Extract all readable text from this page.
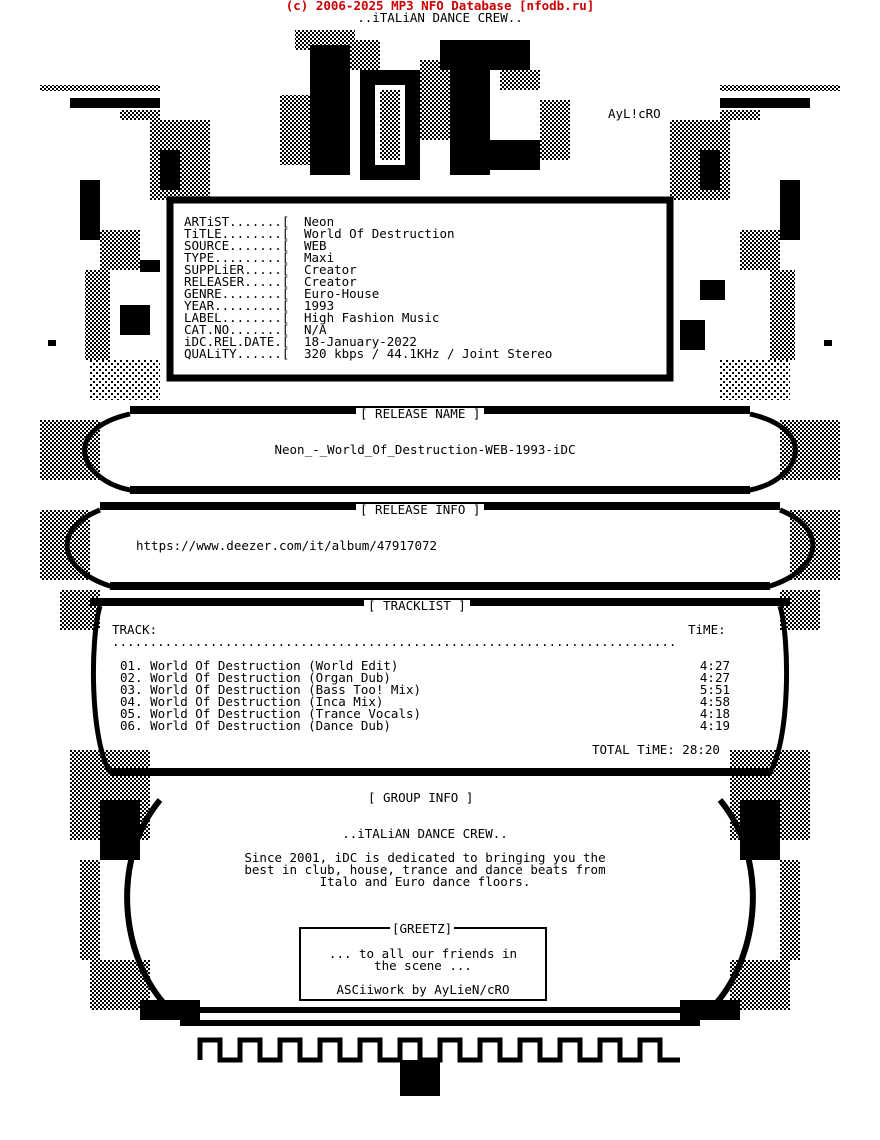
(c) 2006-2025 MP3 NFO Database [nfodb.ru]
..iTALiAN DANCE CREW..
AyL!cRO
ARTiST.......[	Neon
TiTLE........[	World Of Destruction
SOURCE.......[	WEB
TYPE.........[	Maxi
SUPPLiER.....[	Creator
RELEASER.....[	Creator
GENRE........[	Euro-House
YEAR.........[	1993
LABEL........[	High Fashion Music
CAT.NO.......[	N/A
iDC.REL.DATE.[	18-January-2022
QUALiTY......[	320 kbps / 44.1KHz / Joint Stereo
[ RELEASE NAME ]
Neon_-_World_Of_Destruction-WEB-1993-iDC
[ RELEASE INFO ]
https://www.deezer.com/it/album/47917072
[ TRACKLIST ]
TRACK:	TiME:
...........................................................................
01. World Of Destruction (World Edit)	4:27
02. World Of Destruction (Organ Dub)	4:27
03. World Of Destruction (Bass Too! Mix)	5:51
04. World Of Destruction (Inca Mix)	4:58
05. World Of Destruction (Trance Vocals)	4:18
06. World Of Destruction (Dance Dub)	4:19
TOTAL TiME: 28:20
[ GROUP INFO ]
..iTALiAN DANCE CREW..
Since 2001, iDC is dedicated to bringing you the
best in club, house, trance and dance beats from
Italo and Euro dance floors.
[GREETZ]
... to all our friends in
the scene ...
ASCiiwork by AyLieN/cRO
